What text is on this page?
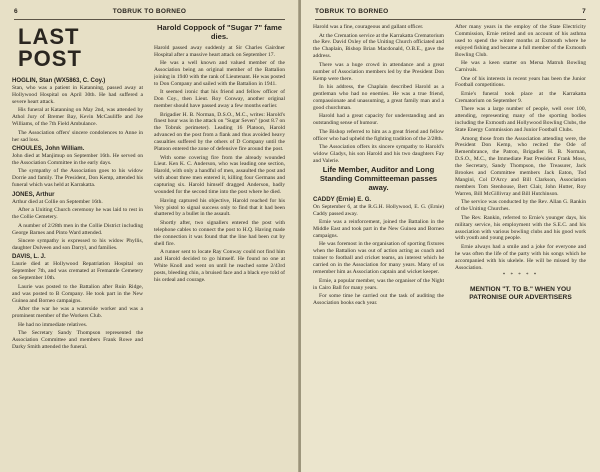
6	TOBRUK TO BORNEO
LAST POST
HOGLIN, Stan (WX5863, C. Coy.)

Stan, who was a patient in Katanning, passed away at Hollywood Hospital on April 30th. He had suffered a severe heart attack.

His funeral at Katanning on May 2nd, was attended by Athol Jury of Bremer Bay, Kevin McCauliffe and Joe Williams, of the 7th Field Ambulance.

The Association offers' sincere condolences to Anne in her sad loss.

CHOULES, John William.

John died at Manjimup on September 16th. He served on the Association Committee in the early days.

The sympathy of the Association goes to his widow Dorrie and family. The President, Don Kemp, attended his funeral which was held at Karrakatta.

JONES, Arthur

Arthur died at Collie on September 16th.

After a Uniting Church ceremony he was laid to rest in the Collie Cemetery.

A number of 2/28th men in the Collie District including George Barnes and Pinto Ward attended.

Sincere sympathy is expressed to his widow Phyllis, daughter Dulveen and son Darryl, and families.

DAVIS, L. J.

Laurie died at Hollywood Repatriation Hospital on September 7th, and was cremated at Fremantle Cemetery on September 10th.

Laurie was posted to the Battalion after Ruin Ridge, and was posted to B Company. He took part in the New Guinea and Borneo campaigns.

After the war he was a waterside worker and was a prominent member of the Workers Club.

He had no immediate relatives.

The Secretary Sandy Thompson represented the Association Committee and members Frank Rowe and Darky Smith attended the funeral.

Harold Coppock of "Sugar 7" fame dies.

Harold passed away suddenly at Sir Charles Gairdner Hospital after a massive heart attack on September 17.

He was a well known and valued member of the Association being an original member of the Battalion joining in 1940 with the rank of Lieutenant. He was posted to Don Company and sailed with the Battalion in 1941.

It seemed ironic that his friend and fellow officer of Don Coy., then Lieut. Roy Conway, another original member should have passed away a few months earlier.

Brigadier H. B. Norman, D.S.O., M.C., writes: Harold's finest hour was in the attack on "Sugar Seven" (post 8.7 on the Tobruk perimeter). Leading 16 Platoon, Harold advanced on the post from a flank and thus avoided heavy casualties suffered by the others of D Company until the Platoon entered the zone of defensive fire around the post.

With some covering fire from the already wounded Lieut. Ken K. C. Anderson, who was leading one section, Harold, with only a handful of men, assaulted the post and with about three men entered it, killing four Germans and capturing six. Harold himself dragged Anderson, badly wounded for the second time into the post where he died.

Having captured his objective, Harold reached for his Very pistol to signal success only to find that it had been shattered by a bullet in the assault.

Shortly after, two signallers entered the post with telephone cables to connect the post to H.Q. Having made the connection it was found that the line had been cut by shell fire.

A runner sent to locate Ray Conway could not find him and Harold decided to go himself. He found no one at White Knoll and went on until he reached some 2/43rd posts, bleeding chin, a bruised face and a black eye told of his ordeal and courage.

TOBRUK TO BORNEO	7

Harold was a fine, courageous and gallant officer.

At the Cremation service at the Karrakatta Crematorium the Rev. David Oxley of the Uniting Church officiated and the Chaplain, Bishop Brian Macdonald, O.B.E., gave the address.

There was a huge crowd in attendance and a great number of Association members led by the President Don Kemp were there.

In his address, the Chaplain described Harold as a gentleman who had no enemies. He was a true friend, compassionate and unassuming, a great family man and a good churchman.

Harold had a great capacity for understanding and an outstanding sense of humour.

The Bishop referred to him as a great friend and fellow officer who had upheld the fighting tradition of the 2/28th.

The Association offers its sincere sympathy to Harold's widow Gladys, his son Harold and his two daughters Fay and Valerie.

Life Member, Auditor and Long Standing Committeeman passes away.
CADDY (Ernie) E. G.

On September 6, at the R.G.H. Hollywood, E. G. (Ernie) Caddy passed away.

Ernie was a reinforcement, joined the Battalion in the Middle East and took part in the New Guinea and Borneo campaigns.

He was foremost in the organisation of sporting fixtures when the Battalion was out of action acting as coach and trainer to football and cricket teams, an interest which he carried on in the Association for many years. Many of us remember him as Association captain and wicket keeper.

Ernie, a popular member, was the organiser of the Night in Cairo Ball for many years.

For some time he carried out the task of auditing the Association books each year.

After many years in the employ of the State Electricity Commission, Ernie retired and on account of his asthma used to spend the winter months at Exmouth where he enjoyed fishing and became a full member of the Exmouth Bowling Club.

He was a keen starter on Mersa Matruh Bowling Carnivals.

One of his interests in recent years has been the Junior Football competitions.

Ernie's funeral took place at the Karrakatta Crematorium on September 9.

There was a large number of people, well over 100, attending, representing many of the sporting bodies including the Exmouth and Hollywood Bowling Clubs, the State Energy Commission and Junior Football Clubs.

Among those from the Association attending were, the President Don Kemp, who recited the Ode of Remembrance, the Patron, Brigadier H. B. Norman, D.S.O., M.C., the Immediate Past President Frank Moss, the Secretary, Sandy Thompson, the Treasurer, Jack Brookes and Committee members Jack Eaton, Tod Mangini, Col D'Arcy and Bill Clarkson, Association members Tom Stenhouse, Bert Clair, John Hutter, Roy Warren, Bill McGillivray and Bill Hutchinson.

The service was conducted by the Rev. Allan G. Rankin of the Uniting Churches.

The Rev. Rankin, referred to Ernie's younger days, his military service, his employment with the S.E.C. and his association with various bowling clubs and his good work with youth and young people.

Ernie always had a smile and a joke for everyone and he was often the life of the party with his songs which he accompanied with his ukelele. He will be missed by the Association.

* * * * *
MENTION "T. TO B." WHEN YOU PATRONISE OUR ADVERTISERS
